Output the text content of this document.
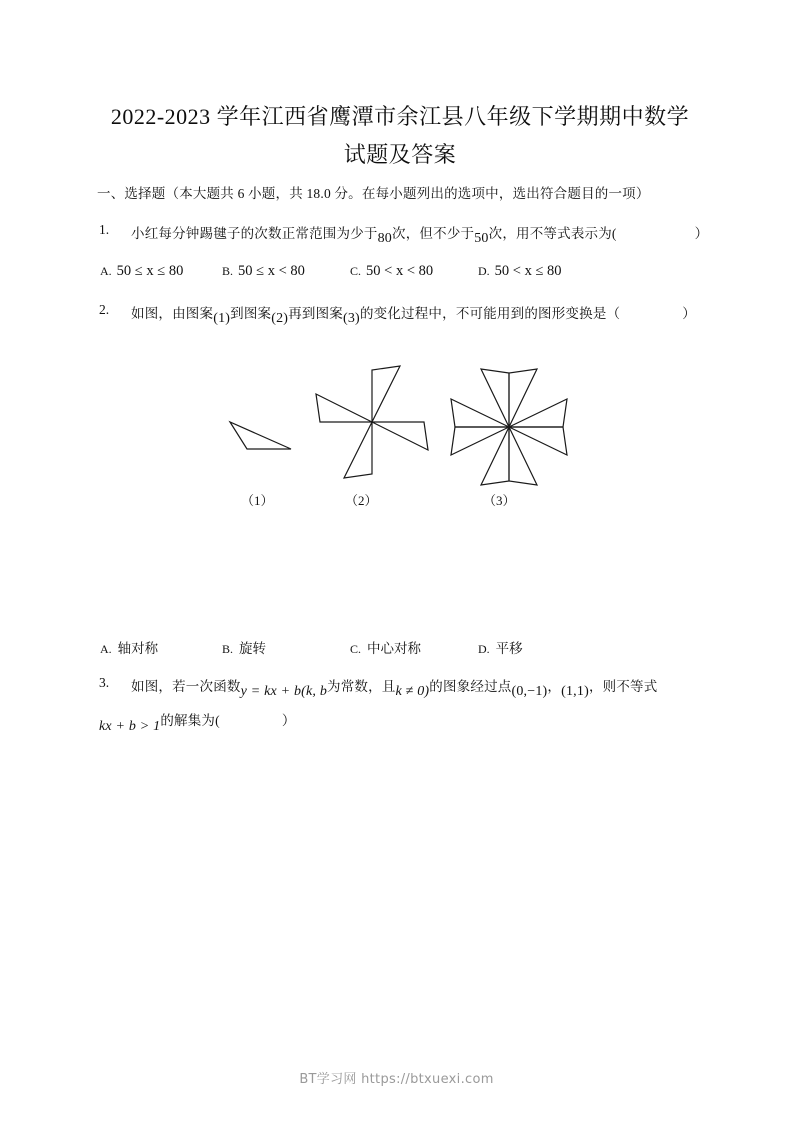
2022-2023 学年江西省鹰潭市余江县八年级下学期期中数学试题及答案
一、选择题（本大题共 6 小题，共 18.0 分。在每小题列出的选项中，选出符合题目的一项）
1. 小红每分钟踢毽子的次数正常范围为少于80次，但不少于50次，用不等式表示为(	）
A. 50 ≤ x ≤ 80	B. 50 ≤ x < 80	C. 50 < x < 80	D. 50 < x ≤ 80
2. 如图，由图案(1)到图案(2)再到图案(3)的变化过程中，不可能用到的图形变换是（	）
（1）	（2）	（3）
A. 轴对称	B. 旋转	C. 中心对称	D. 平移
3. 如图，若一次函数y = kx + b(k, b为常数，且k ≠ 0)的图象经过点(0,−1)，(1,1)，则不等式
kx + b > 1的解集为(	）
BT学习网 https://btxuexi.com
